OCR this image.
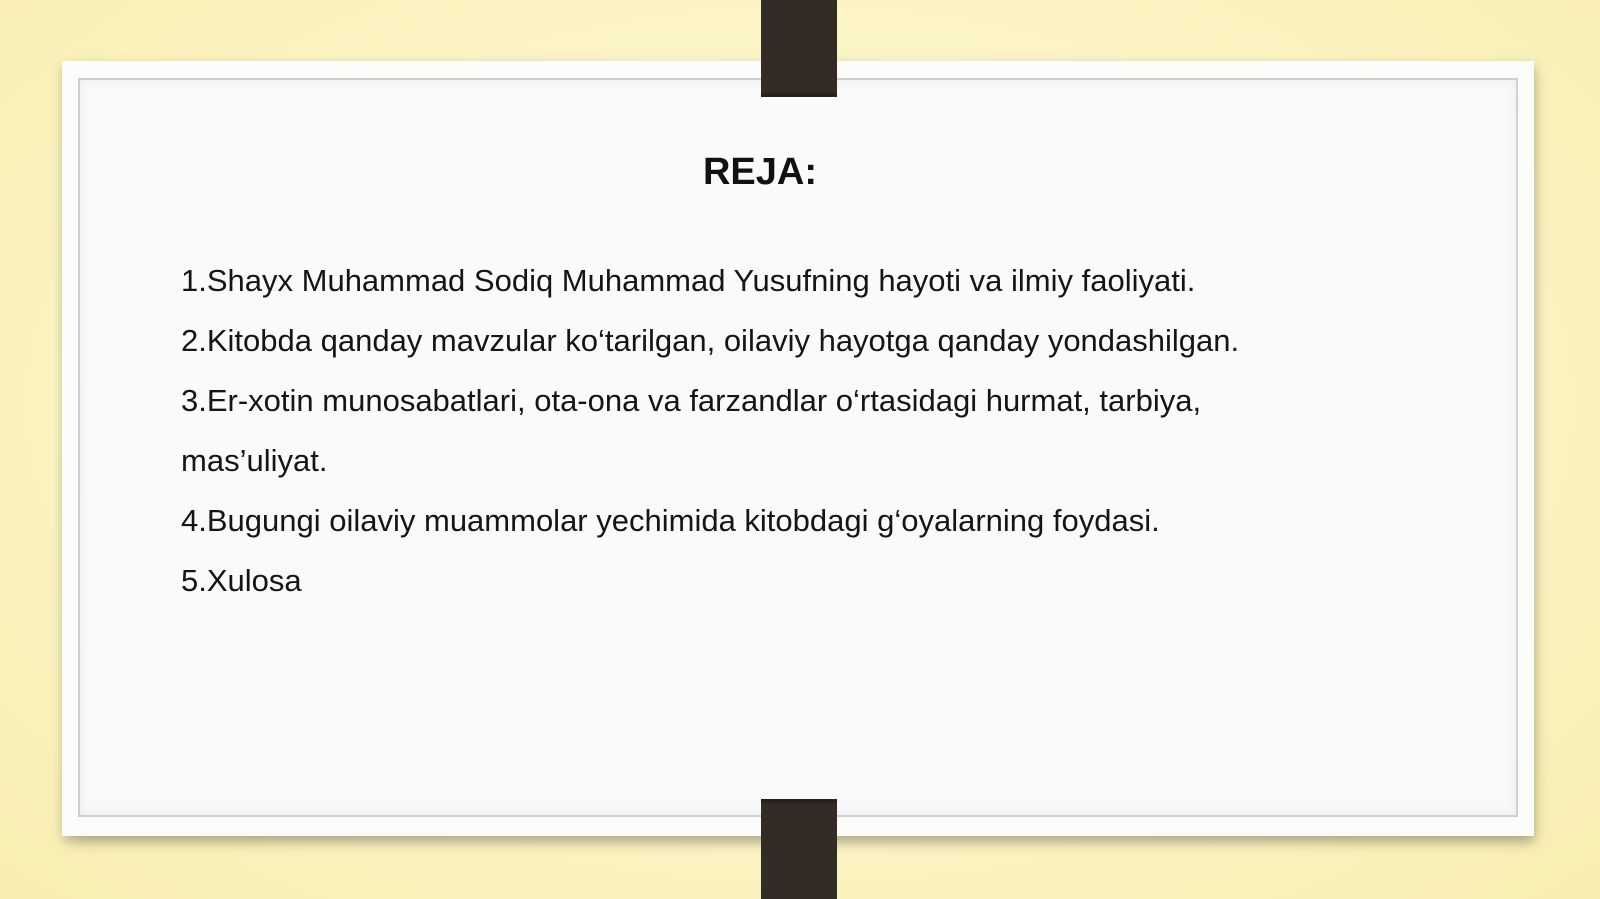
REJA:
1.Shayx Muhammad Sodiq Muhammad Yusufning hayoti va ilmiy faoliyati.
2.Kitobda qanday mavzular ko‘tarilgan, oilaviy hayotga qanday yondashilgan.
3.Er-xotin munosabatlari, ota-ona va farzandlar o‘rtasidagi hurmat, tarbiya,
mas’uliyat.
4.Bugungi oilaviy muammolar yechimida kitobdagi g‘oyalarning foydasi.
5.Xulosa
